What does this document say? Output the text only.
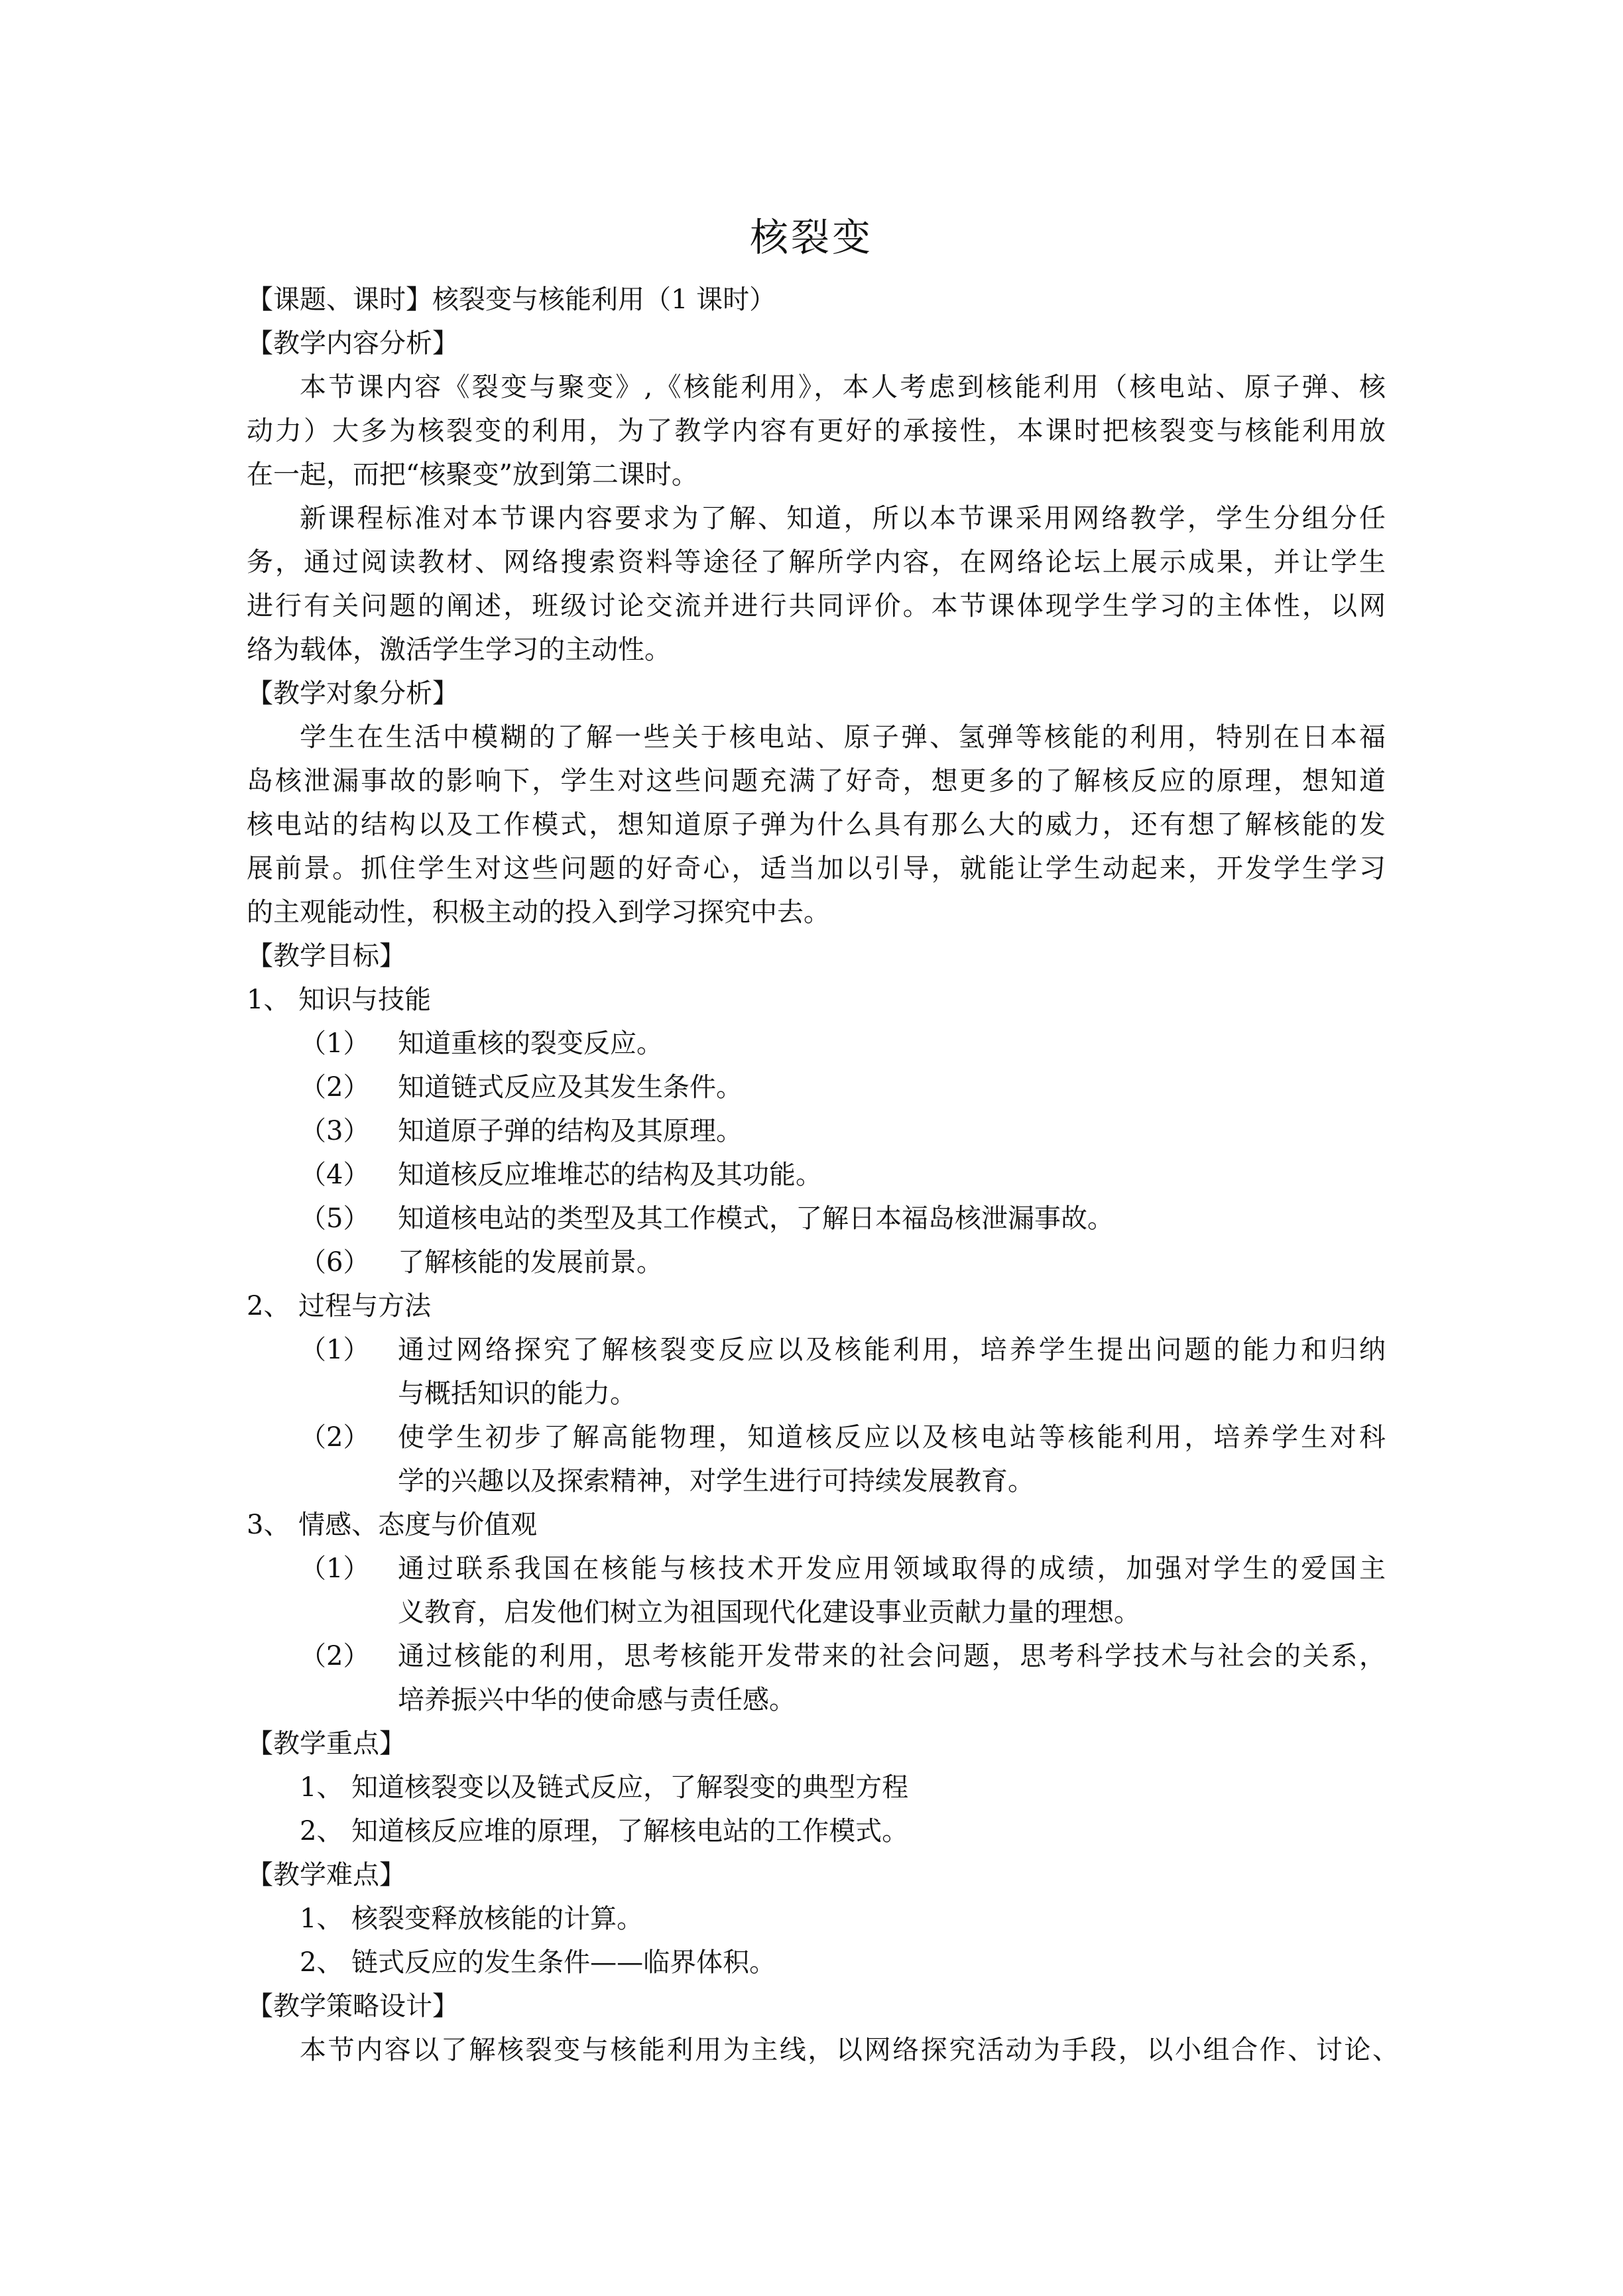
核裂变
【课题、课时】核裂变与核能利用（1 课时）
【教学内容分析】
本节课内容《裂变与聚变》,《核能利用》，本人考虑到核能利用（核电站、原子弹、核
动力）大多为核裂变的利用，为了教学内容有更好的承接性，本课时把核裂变与核能利用放
在一起，而把“核聚变”放到第二课时。
新课程标准对本节课内容要求为了解、知道，所以本节课采用网络教学，学生分组分任
务，通过阅读教材、网络搜索资料等途径了解所学内容，在网络论坛上展示成果，并让学生
进行有关问题的阐述，班级讨论交流并进行共同评价。本节课体现学生学习的主体性，以网
络为载体，激活学生学习的主动性。
【教学对象分析】
学生在生活中模糊的了解一些关于核电站、原子弹、氢弹等核能的利用，特别在日本福
岛核泄漏事故的影响下，学生对这些问题充满了好奇，想更多的了解核反应的原理，想知道
核电站的结构以及工作模式，想知道原子弹为什么具有那么大的威力，还有想了解核能的发
展前景。抓住学生对这些问题的好奇心，适当加以引导，就能让学生动起来，开发学生学习
的主观能动性，积极主动的投入到学习探究中去。
【教学目标】
1、 知识与技能
（1） 知道重核的裂变反应。
（2） 知道链式反应及其发生条件。
（3） 知道原子弹的结构及其原理。
（4） 知道核反应堆堆芯的结构及其功能。
（5） 知道核电站的类型及其工作模式，了解日本福岛核泄漏事故。
（6） 了解核能的发展前景。
2、 过程与方法
（1） 通过网络探究了解核裂变反应以及核能利用，培养学生提出问题的能力和归纳
与概括知识的能力。
（2） 使学生初步了解高能物理，知道核反应以及核电站等核能利用，培养学生对科
学的兴趣以及探索精神，对学生进行可持续发展教育。
3、 情感、态度与价值观
（1） 通过联系我国在核能与核技术开发应用领域取得的成绩，加强对学生的爱国主
义教育，启发他们树立为祖国现代化建设事业贡献力量的理想。
（2） 通过核能的利用，思考核能开发带来的社会问题，思考科学技术与社会的关系，
培养振兴中华的使命感与责任感。
【教学重点】
1、 知道核裂变以及链式反应，了解裂变的典型方程
2、 知道核反应堆的原理，了解核电站的工作模式。
【教学难点】
1、 核裂变释放核能的计算。
2、 链式反应的发生条件——临界体积。
【教学策略设计】
本节内容以了解核裂变与核能利用为主线，以网络探究活动为手段，以小组合作、讨论、
